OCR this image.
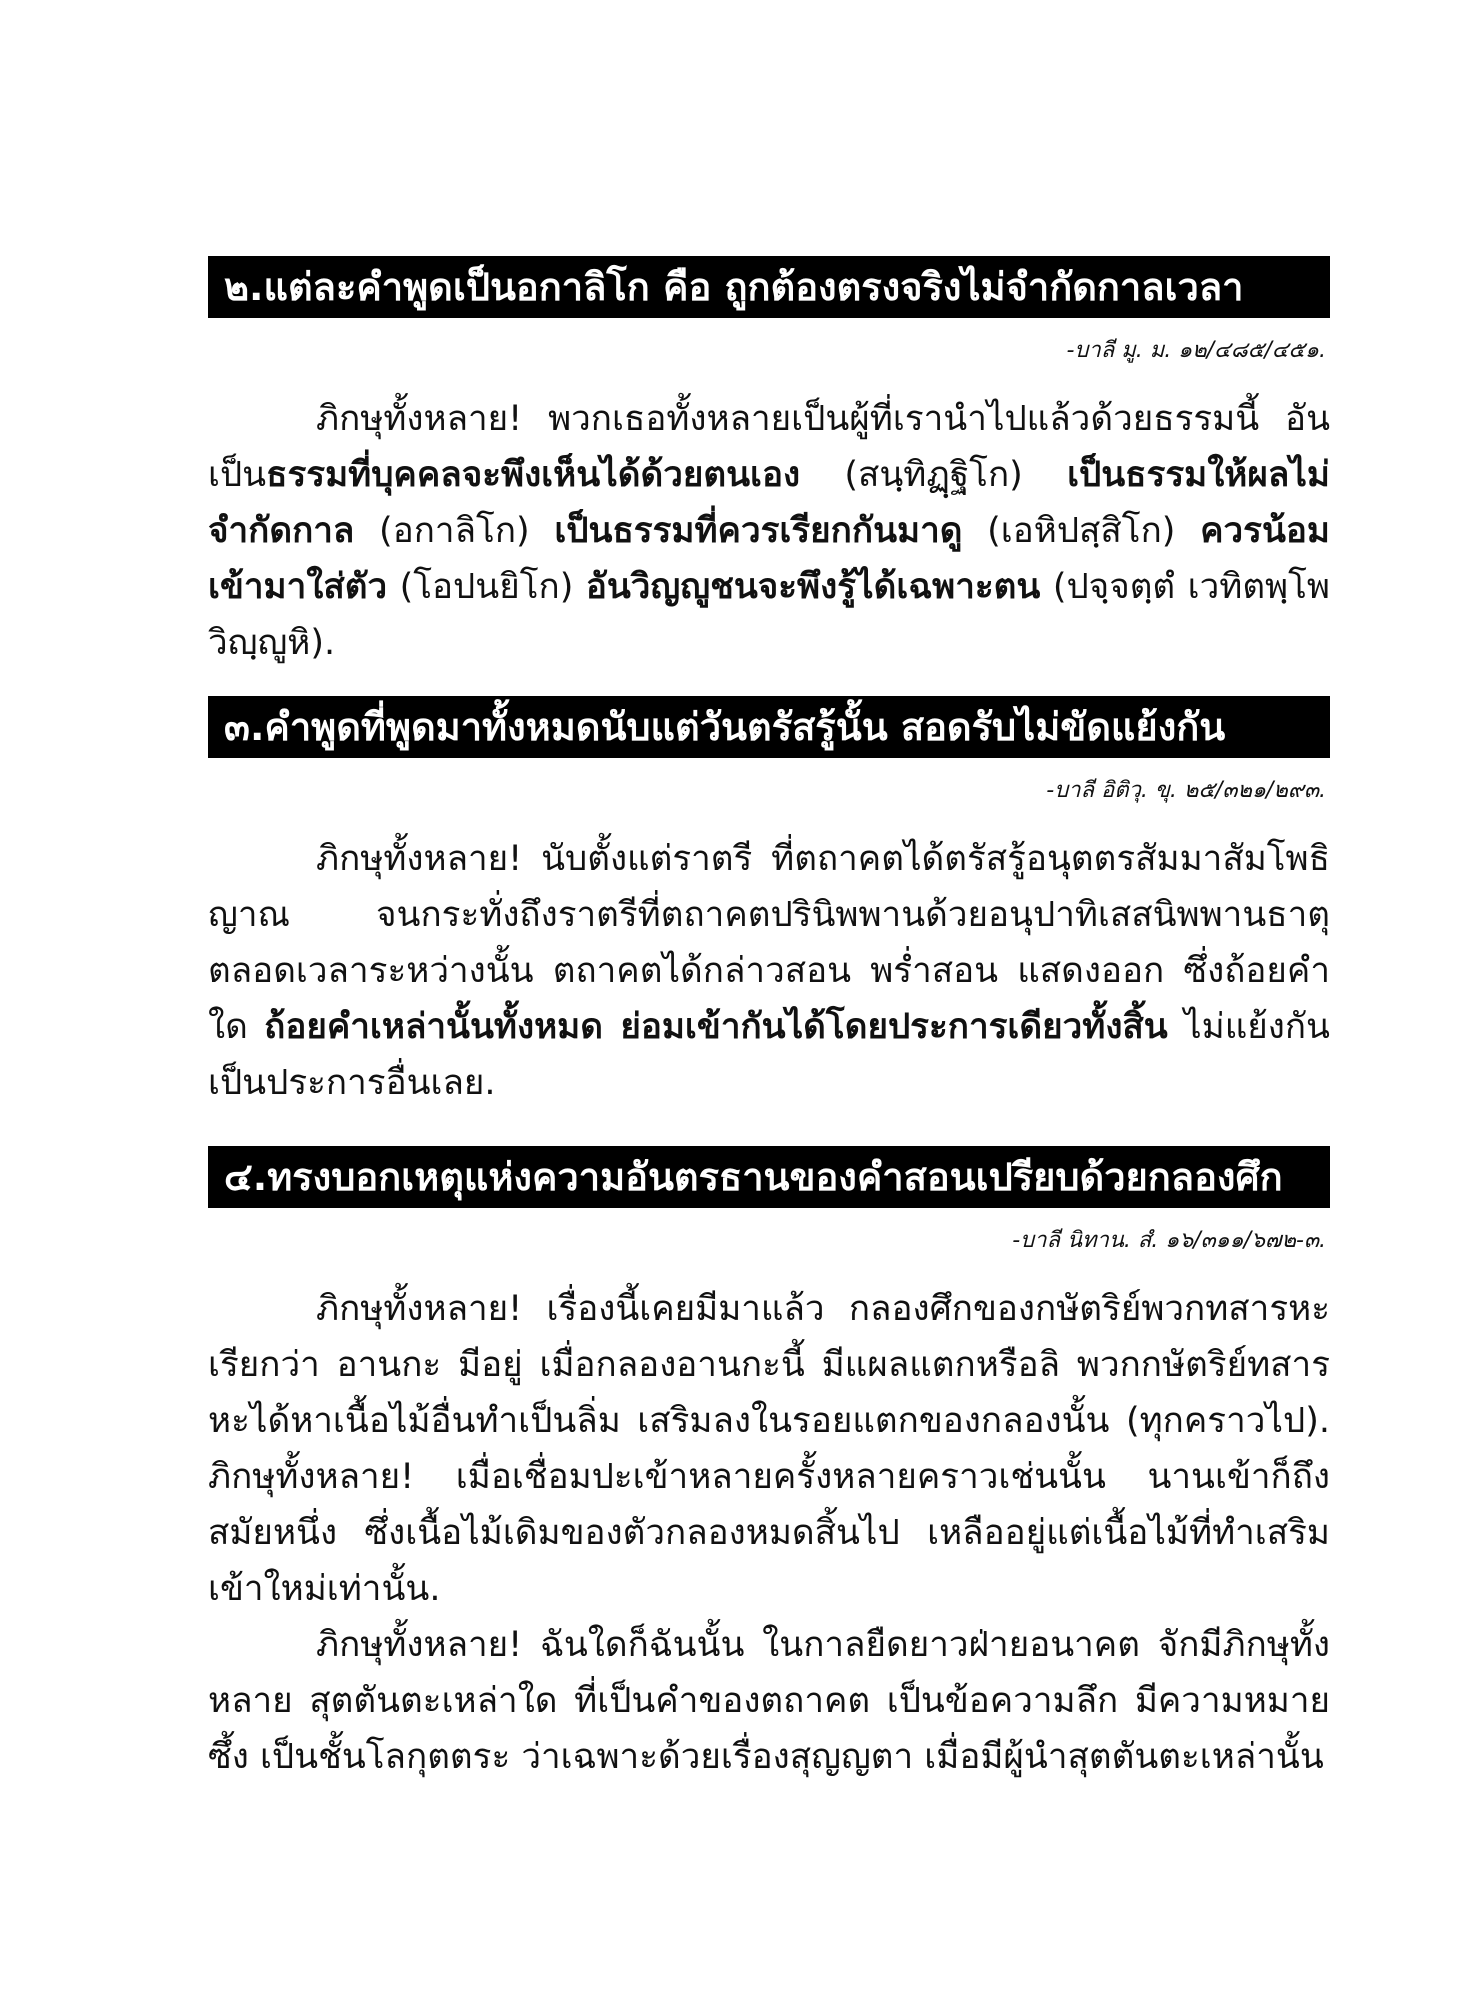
๒.แต่ละคำพูดเป็นอกาลิโก คือ ถูกต้องตรงจริงไม่จำกัดกาลเวลา
-บาลี มู. ม. ๑๒/๔๘๕/๔๕๑.

ภิกษุทั้งหลาย! พวกเธอทั้งหลายเป็นผู้ที่เรานำไปแล้วด้วยธรรมนี้ อันเป็นธรรมที่บุคคลจะพึงเห็นได้ด้วยตนเอง (สนฺทิฏฺฐิโก) เป็นธรรมให้ผลไม่จำกัดกาล (อกาลิโก) เป็นธรรมที่ควรเรียกกันมาดู (เอหิปสฺสิโก) ควรน้อมเข้ามาใส่ตัว (โอปนยิโก) อันวิญญูชนจะพึงรู้ได้เฉพาะตน (ปจฺจตฺตํ เวทิตพฺโพ วิญฺญูหิ).

๓.คำพูดที่พูดมาทั้งหมดนับแต่วันตรัสรู้นั้น สอดรับไม่ขัดแย้งกัน
-บาลี อิติวุ. ขุ. ๒๕/๓๒๑/๒๙๓.

ภิกษุทั้งหลาย! นับตั้งแต่ราตรี ที่ตถาคตได้ตรัสรู้อนุตตรสัมมาสัมโพธิญาณ จนกระทั่งถึงราตรีที่ตถาคตปรินิพพานด้วยอนุปาทิเสสนิพพานธาตุ ตลอดเวลาระหว่างนั้น ตถาคตได้กล่าวสอน พร่ำสอน แสดงออก ซึ่งถ้อยคำใด ถ้อยคำเหล่านั้นทั้งหมด ย่อมเข้ากันได้โดยประการเดียวทั้งสิ้น ไม่แย้งกันเป็นประการอื่นเลย.

๔.ทรงบอกเหตุแห่งความอันตรธานของคำสอนเปรียบด้วยกลองศึก
-บาลี นิทาน. สํ. ๑๖/๓๑๑/๖๗๒-๓.

ภิกษุทั้งหลาย! เรื่องนี้เคยมีมาแล้ว กลองศึกของกษัตริย์พวกทสารหะ เรียกว่า อานกะ มีอยู่ เมื่อกลองอานกะนี้ มีแผลแตกหรือลิ พวกกษัตริย์ทสารหะได้หาเนื้อไม้อื่นทำเป็นลิ่ม เสริมลงในรอยแตกของกลองนั้น (ทุกคราวไป). ภิกษุทั้งหลาย! เมื่อเชื่อมปะเข้าหลายครั้งหลายคราวเช่นนั้น นานเข้าก็ถึงสมัยหนึ่ง ซึ่งเนื้อไม้เดิมของตัวกลองหมดสิ้นไป เหลืออยู่แต่เนื้อไม้ที่ทำเสริมเข้าใหม่เท่านั้น.

ภิกษุทั้งหลาย! ฉันใดก็ฉันนั้น ในกาลยืดยาวฝ่ายอนาคต จักมีภิกษุทั้งหลาย สุตตันตะเหล่าใด ที่เป็นคำของตถาคต เป็นข้อความลึก มีความหมายซึ้ง เป็นชั้นโลกุตตระ ว่าเฉพาะด้วยเรื่องสุญญตา เมื่อมีผู้นำสุตตันตะเหล่านั้น
